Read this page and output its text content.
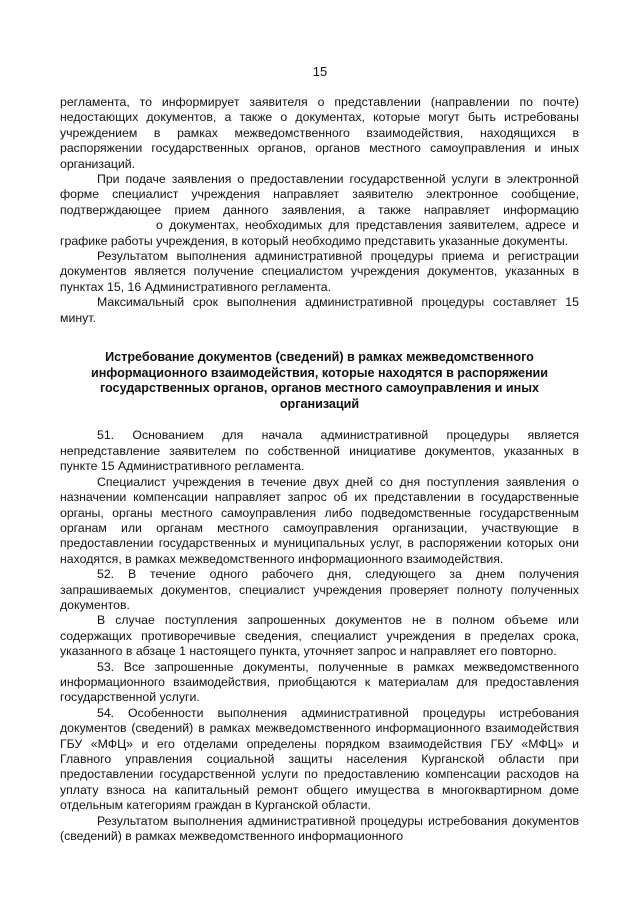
15

регламента, то информирует заявителя о представлении (направлении по почте) недостающих документов, а также о документах, которые могут быть истребованы учреждением в рамках межведомственного взаимодействия, находящихся в распоряжении государственных органов, органов местного самоуправления и иных организаций.

При подаче заявления о предоставлении государственной услуги в электронной форме специалист учреждения направляет заявителю электронное сообщение, подтверждающее прием данного заявления, а также направляет информациюо документах, необходимых для представления заявителем, адресе и графике работы учреждения, в который необходимо представить указанные документы.

Результатом выполнения административной процедуры приема и регистрации документов является получение специалистом учреждения документов, указанных в пунктах 15, 16 Административного регламента.

Максимальный срок выполнения административной процедуры составляет 15 минут.

Истребование документов (сведений) в рамках межведомственного информационного взаимодействия, которые находятся в распоряжении государственных органов, органов местного самоуправления и иных организаций

51. Основанием для начала административной процедуры является непредставление заявителем по собственной инициативе документов, указанных в пункте 15 Административного регламента.

Специалист учреждения в течение двух дней со дня поступления заявления о назначении компенсации направляет запрос об их представлении в государственные органы, органы местного самоуправления либо подведомственные государственным органам или органам местного самоуправления организации, участвующие в предоставлении государственных и муниципальных услуг, в распоряжении которых они находятся, в рамках межведомственного информационного взаимодействия.

52. В течение одного рабочего дня, следующего за днем получения запрашиваемых документов, специалист учреждения проверяет полноту полученных документов.

В случае поступления запрошенных документов не в полном объеме или содержащих противоречивые сведения, специалист учреждения в пределах срока, указанного в абзаце 1 настоящего пункта, уточняет запрос и направляет его повторно.

53. Все запрошенные документы, полученные в рамках межведомственного информационного взаимодействия, приобщаются к материалам для предоставления государственной услуги.

54. Особенности выполнения административной процедуры истребования документов (сведений) в рамках межведомственного информационного взаимодействия ГБУ «МФЦ» и его отделами определены порядком взаимодействия ГБУ «МФЦ» и Главного управления социальной защиты населения Курганской области при предоставлении государственной услуги по предоставлению компенсации расходов на уплату взноса на капитальный ремонт общего имущества в многоквартирном доме отдельным категориям граждан в Курганской области.

Результатом выполнения административной процедуры истребования документов (сведений) в рамках межведомственного информационного
